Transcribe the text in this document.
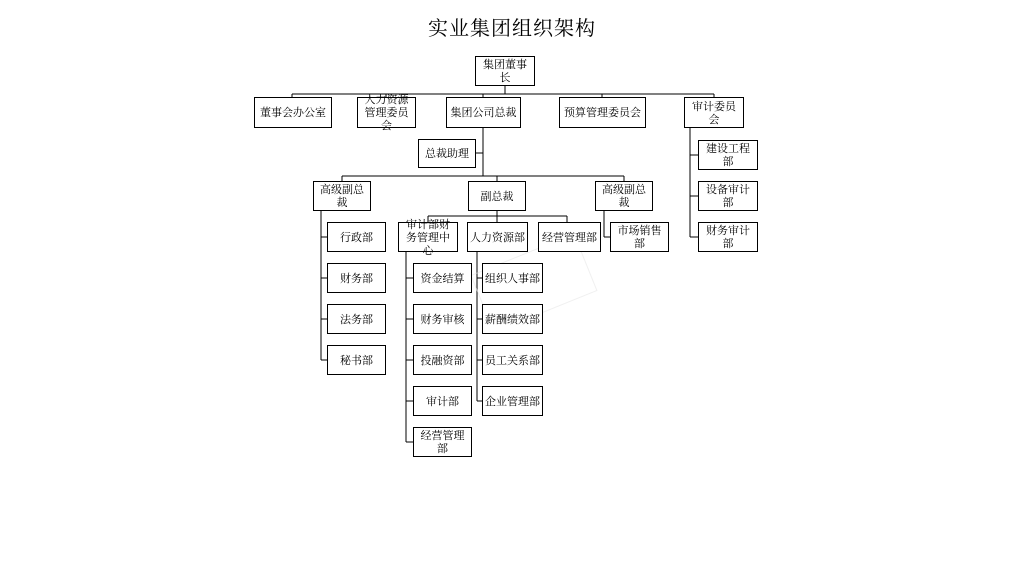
实业集团组织架构
集团董事长
董事会办公室
人力资源管理委员会
集团公司总裁	预算管理委员会	审计委员会
总裁助理
高级副总裁	副总裁	高级副总裁
建设工程部
设备审计部
财务审计部
行政部
财务部
法务部
秘书部
审计部财务管理中心
人力资源部	经营管理部	市场销售部
资金结算
财务审核
投融资部
审计部
经营管理部
组织人事部
薪酬绩效部
员工关系部
企业管理部
